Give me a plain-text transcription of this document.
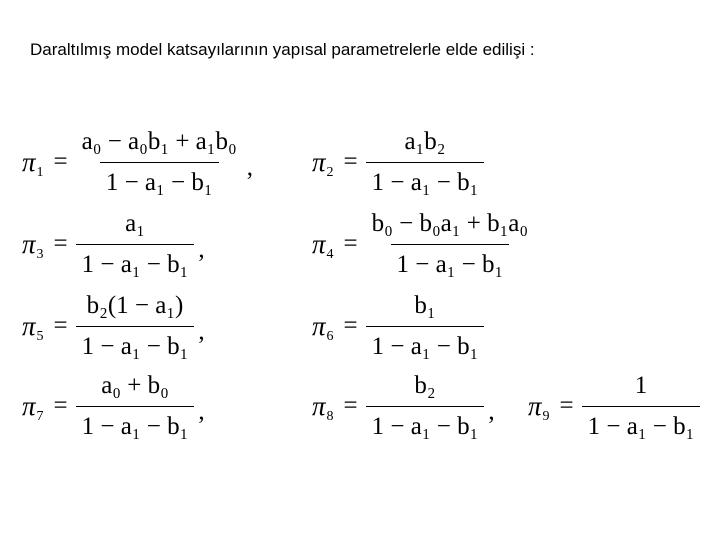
Daraltılmış model katsayılarının yapısal parametrelerle elde edilişi :
π $1 = \frac{\text{a₀ − a₀b₁ + a₁b₀}}{\text{1 − a₁ − b₁}}$ , π $2 = \frac{\text{a₁b₂}}{\text{1 − a₁ − b₁}}$
π $3 = \frac{\text{a₁}}{\text{1 − a₁ − b₁}}$ ,	π $4 = \frac{\text{b₀ − b₀a₁ + b₁a₀}}{\text{1 − a₁ − b₁}}$
π $5 = \frac{\text{b₂(1 − a₁)}}{\text{1 − a₁ − b₁}}$ ,	π $6 = \frac{\text{b₁}}{\text{1 − a₁ − b₁}}$
π $7 = \frac{\text{a₀ + b₀}}{\text{1 − a₁ − b₁}}$ ,	π $8 = \frac{\text{b₂}}{\text{1 − a₁ − b₁}}$ , π $9 = \frac{1}{\text{1 − a₁ − b₁}}$
